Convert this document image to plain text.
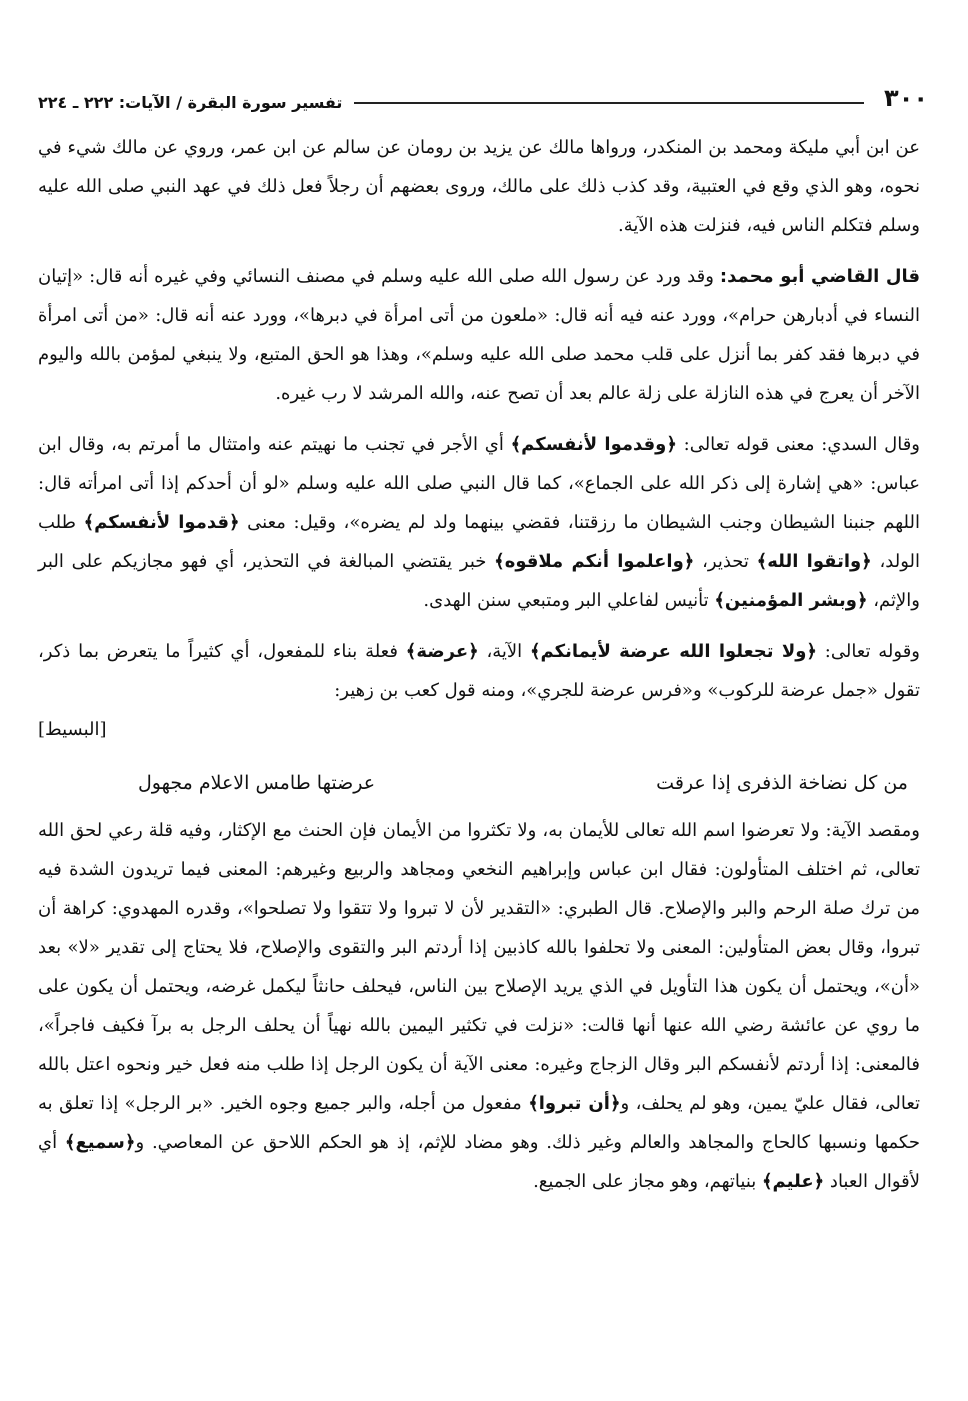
٣٠٠
تفسير سورة البقرة / الآيات: ٢٢٢ ـ ٢٢٤

عن ابن أبي مليكة ومحمد بن المنكدر، ورواها مالك عن يزيد بن رومان عن سالم عن ابن عمر، وروي عن مالك شيء في نحوه، وهو الذي وقع في العتبية، وقد كذب ذلك على مالك، وروى بعضهم أن رجلاً فعل ذلك في عهد النبي صلى الله عليه وسلم فتكلم الناس فيه، فنزلت هذه الآية.

قال القاضي أبو محمد: وقد ورد عن رسول الله صلى الله عليه وسلم في مصنف النسائي وفي غيره أنه قال: «إتيان النساء في أدبارهن حرام»، وورد عنه فيه أنه قال: «ملعون من أتى امرأة في دبرها»، وورد عنه أنه قال: «من أتى امرأة في دبرها فقد كفر بما أنزل على قلب محمد صلى الله عليه وسلم»، وهذا هو الحق المتبع، ولا ينبغي لمؤمن بالله واليوم الآخر أن يعرج في هذه النازلة على زلة عالم بعد أن تصح عنه، والله المرشد لا رب غيره.

وقال السدي: معنى قوله تعالى: ﴿وقدموا لأنفسكم﴾ أي الأجر في تجنب ما نهيتم عنه وامتثال ما أمرتم به، وقال ابن عباس: «هي إشارة إلى ذكر الله على الجماع»، كما قال النبي صلى الله عليه وسلم «لو أن أحدكم إذا أتى امرأته قال: اللهم جنبنا الشيطان وجنب الشيطان ما رزقتنا، فقضي بينهما ولد لم يضره»، وقيل: معنى ﴿قدموا لأنفسكم﴾ طلب الولد، ﴿واتقوا الله﴾ تحذير، ﴿واعلموا أنكم ملاقوه﴾ خبر يقتضي المبالغة في التحذير، أي فهو مجازيكم على البر والإثم، ﴿وبشر المؤمنين﴾ تأنيس لفاعلي البر ومتبعي سنن الهدى.

وقوله تعالى: ﴿ولا تجعلوا الله عرضة لأيمانكم﴾ الآية، ﴿عرضة﴾ فعلة بناء للمفعول، أي كثيراً ما يتعرض بما ذكر، تقول «جمل عرضة للركوب» و«فرس عرضة للجري»، ومنه قول كعب بن زهير:

[البسيط]

من كل نضاخة الذفرى إذا عرقت
عرضتها طامس الاعلام مجهول

ومقصد الآية: ولا تعرضوا اسم الله تعالى للأيمان به، ولا تكثروا من الأيمان فإن الحنث مع الإكثار، وفيه قلة رعي لحق الله تعالى، ثم اختلف المتأولون: فقال ابن عباس وإبراهيم النخعي ومجاهد والربيع وغيرهم: المعنى فيما تريدون الشدة فيه من ترك صلة الرحم والبر والإصلاح. قال الطبري: «التقدير لأن لا تبروا ولا تتقوا ولا تصلحوا»، وقدره المهدوي: كراهة أن تبروا، وقال بعض المتأولين: المعنى ولا تحلفوا بالله كاذبين إذا أردتم البر والتقوى والإصلاح، فلا يحتاج إلى تقدير «لا» بعد «أن»، ويحتمل أن يكون هذا التأويل في الذي يريد الإصلاح بين الناس، فيحلف حانثاً ليكمل غرضه، ويحتمل أن يكون على ما روي عن عائشة رضي الله عنها أنها قالت: «نزلت في تكثير اليمين بالله نهياً أن يحلف الرجل به برآ فكيف فاجراً»، فالمعنى: إذا أردتم لأنفسكم البر وقال الزجاج وغيره: معنى الآية أن يكون الرجل إذا طلب منه فعل خير ونحوه اعتل بالله تعالى، فقال عليّ يمين، وهو لم يحلف، و﴿أن تبروا﴾ مفعول من أجله، والبر جميع وجوه الخير. «بر الرجل» إذا تعلق به حكمها ونسبها كالحاج والمجاهد والعالم وغير ذلك. وهو مضاد للإثم، إذ هو الحكم اللاحق عن المعاصي. و﴿سميع﴾ أي لأقوال العباد ﴿عليم﴾ بنياتهم، وهو مجاز على الجميع.
